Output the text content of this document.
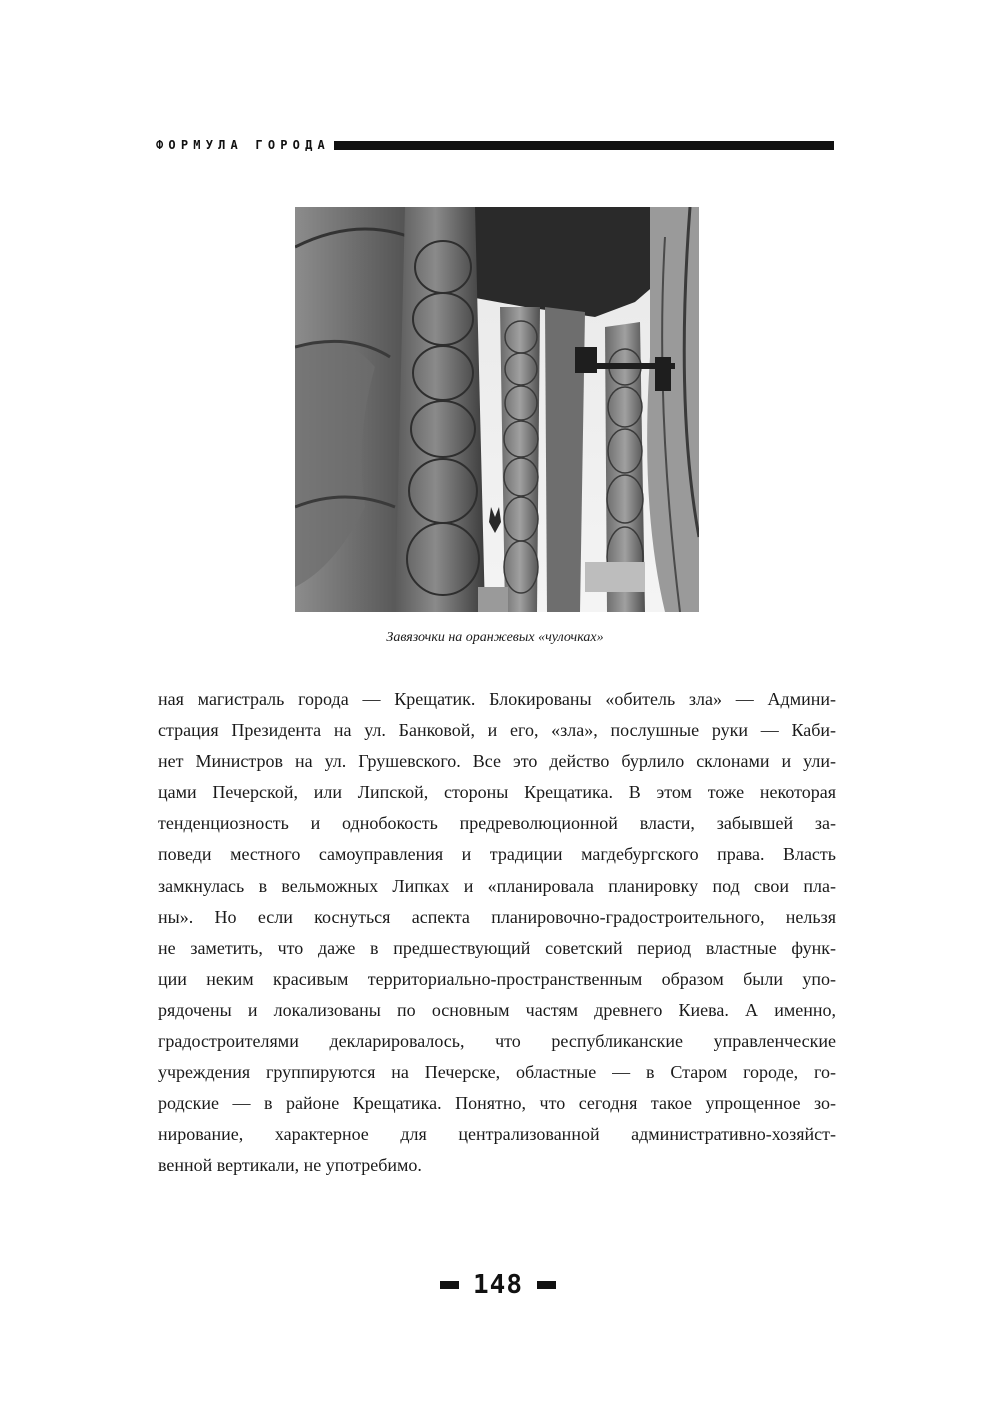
ФОРМУЛА ГОРОДА
Завязочки на оранжевых «чулочках»
ная магистраль города — Крещатик. Блокированы «обитель зла» — Админи-
страция Президента на ул. Банковой, и его, «зла», послушные руки — Каби-
нет Министров на ул. Грушевского. Все это действо бурлило склонами и ули-
цами Печерской, или Липской, стороны Крещатика. В этом тоже некоторая
тенденциозность и однобокость предреволюционной власти, забывшей за-
поведи местного самоуправления и традиции магдебургского права. Власть
замкнулась в вельможных Липках и «планировала планировку под свои пла-
ны». Но если коснуться аспекта планировочно-градостроительного, нельзя
не заметить, что даже в предшествующий советский период властные функ-
ции неким красивым территориально-пространственным образом были упо-
рядочены и локализованы по основным частям древнего Киева. А именно,
градостроителями декларировалось, что республиканские управленческие
учреждения группируются на Печерске, областные — в Старом городе, го-
родские — в районе Крещатика. Понятно, что сегодня такое упрощенное зо-
нирование, характерное для централизованной административно-хозяйст-
венной вертикали, не употребимо.
148
